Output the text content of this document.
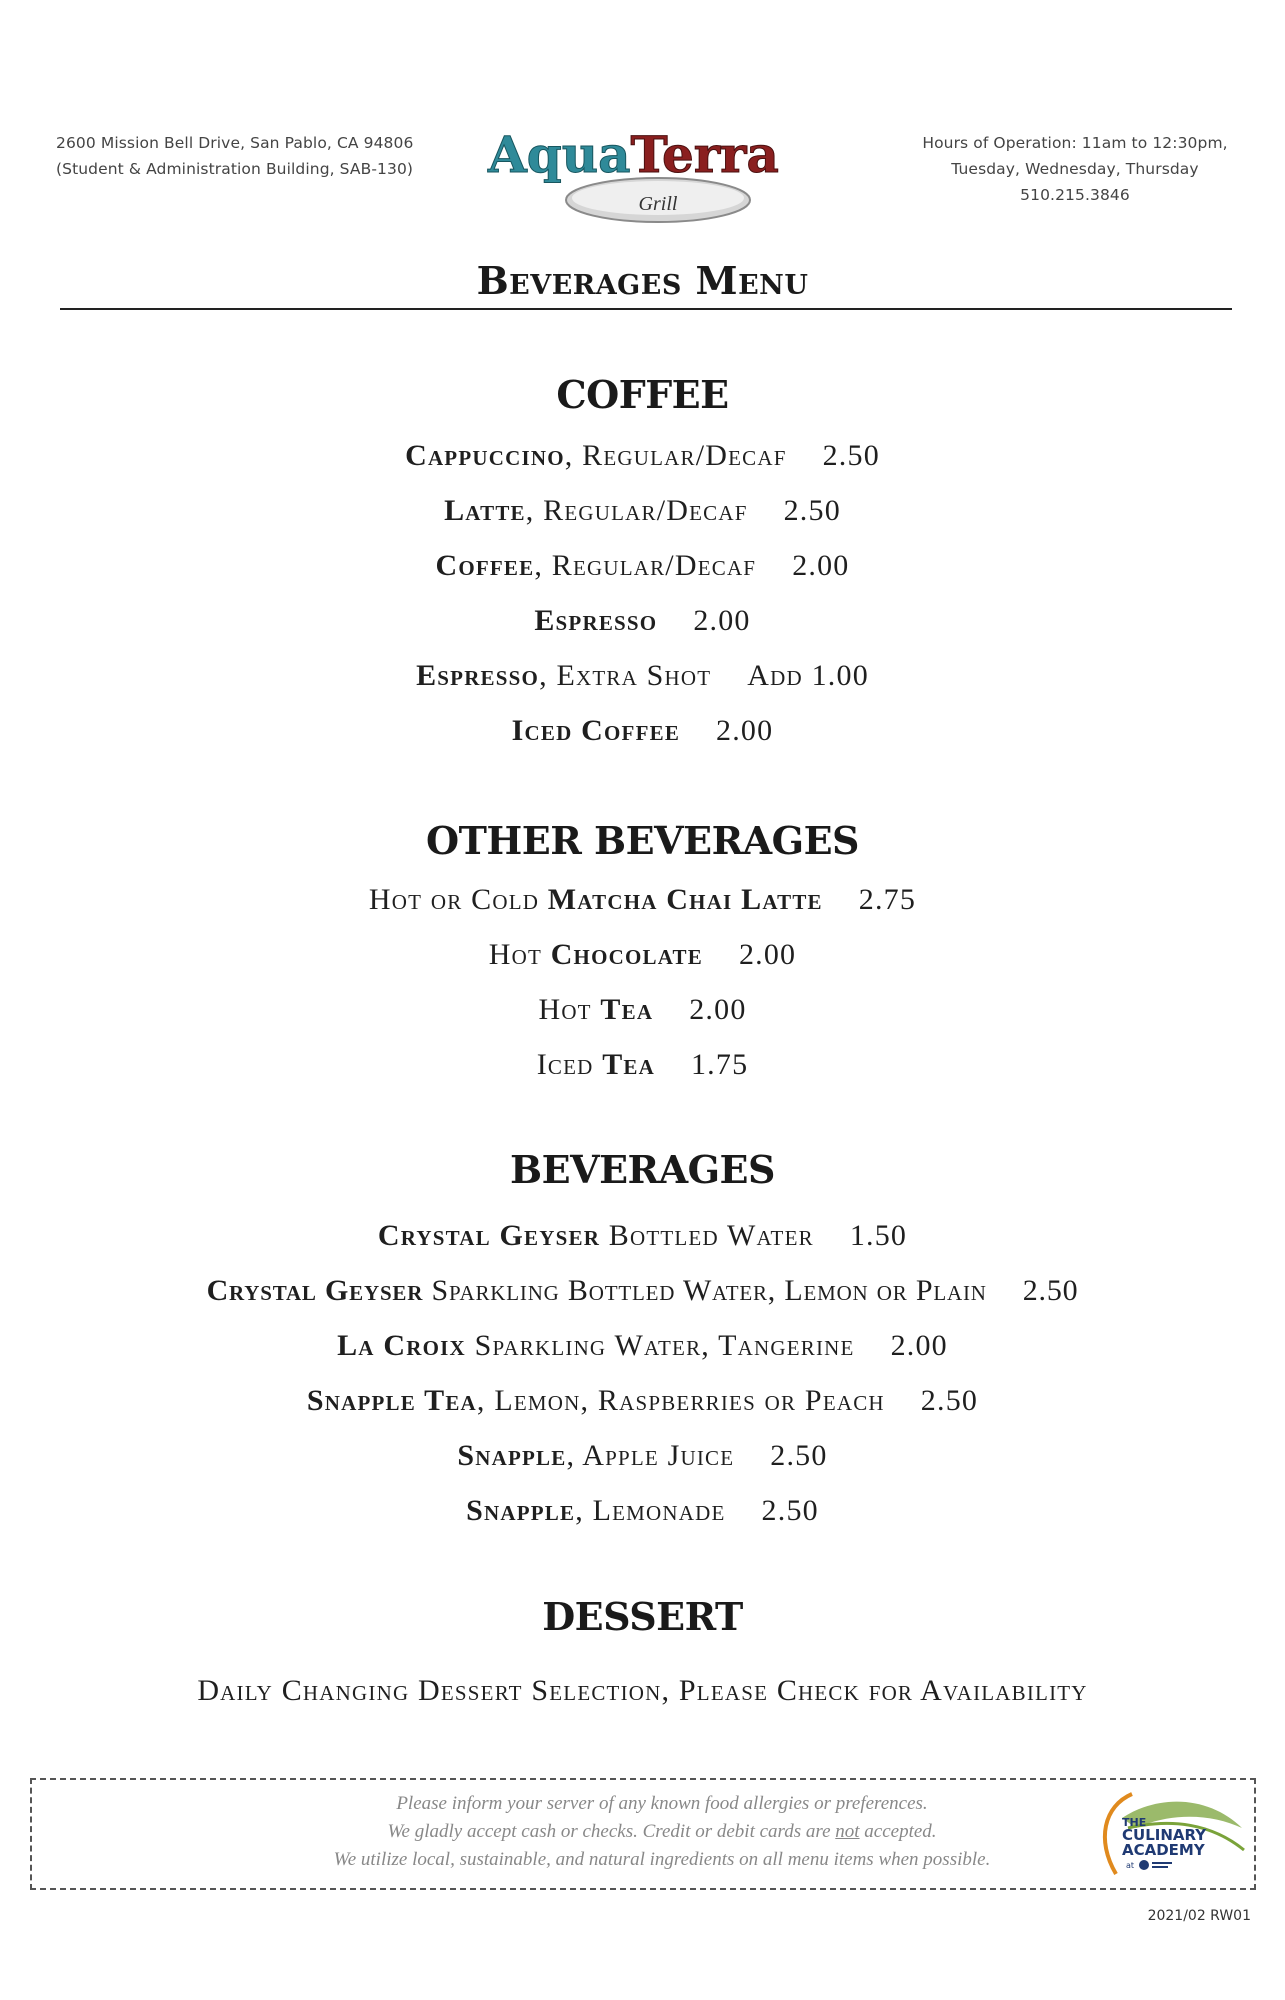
2600 Mission Bell Drive, San Pablo, CA 94806
(Student & Administration Building, SAB-130)	AquaTerra
Grill
Hours of Operation: 11am to 12:30pm,
Tuesday, Wednesday, Thursday
510.215.3846
Beverages Menu
COFFEE
Cappuccino, Regular/Decaf 2.50
Latte, Regular/Decaf 2.50
Coffee, Regular/Decaf 2.00
Espresso 2.00
Espresso, Extra Shot Add 1.00
Iced Coffee 2.00
OTHER BEVERAGES
Hot or Cold Matcha Chai Latte 2.75
Hot Chocolate 2.00
Hot Tea 2.00
Iced Tea 1.75
BEVERAGES
Crystal Geyser Bottled Water 1.50
Crystal Geyser Sparkling Bottled Water, Lemon or Plain 2.50
La Croix Sparkling Water, Tangerine 2.00
Snapple Tea, Lemon, Raspberries or Peach 2.50
Snapple, Apple Juice 2.50
Snapple, Lemonade 2.50
DESSERT
Daily Changing Dessert Selection, Please Check for Availability
Please inform your server of any known food allergies or preferences.
We gladly accept cash or checks. Credit or debit cards are not accepted.
We utilize local, sustainable, and natural ingredients on all menu items when possible.
THE
CULINARY
ACADEMY
at
2021/02 RW01
